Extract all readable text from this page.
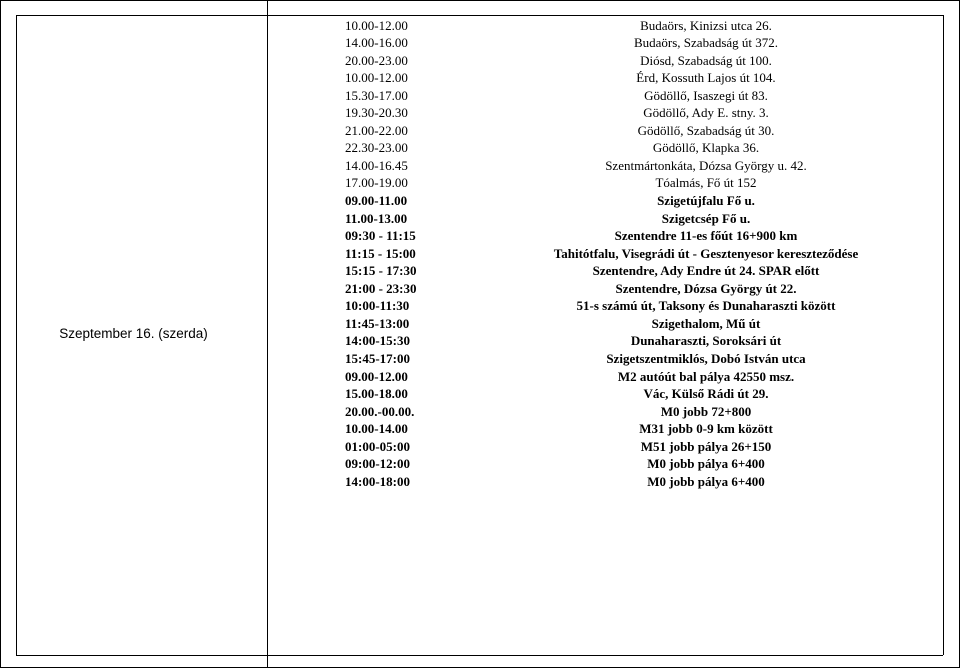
Szeptember 16. (szerda)
10.00-12.00	Budaörs, Kinizsi utca 26.
14.00-16.00	Budaörs, Szabadság út 372.
20.00-23.00	Diósd, Szabadság út 100.
10.00-12.00	Érd, Kossuth Lajos út 104.
15.30-17.00	Gödöllő, Isaszegi út 83.
19.30-20.30	Gödöllő, Ady E. stny. 3.
21.00-22.00	Gödöllő, Szabadság út 30.
22.30-23.00	Gödöllő, Klapka 36.
14.00-16.45	Szentmártonkáta, Dózsa György u. 42.
17.00-19.00	Tóalmás, Fő út 152
09.00-11.00	Szigetújfalu Fő u.
11.00-13.00	Szigetcsép Fő u.
09:30 - 11:15	Szentendre 11-es főút 16+900 km
11:15 - 15:00	Tahitótfalu, Visegrádi út - Gesztenyesor kereszteződése
15:15 - 17:30	Szentendre, Ady Endre út 24. SPAR előtt
21:00 - 23:30	Szentendre, Dózsa György út 22.
10:00-11:30	51-s számú út, Taksony és Dunaharaszti között
11:45-13:00	Szigethalom, Mű út
14:00-15:30	Dunaharaszti, Soroksári út
15:45-17:00	Szigetszentmiklós, Dobó István utca
09.00-12.00	M2 autóút bal pálya 42550 msz.
15.00-18.00	Vác, Külső Rádi út 29.
20.00.-00.00.	M0 jobb 72+800
10.00-14.00	M31 jobb 0-9 km között
01:00-05:00	M51 jobb pálya 26+150
09:00-12:00	M0 jobb pálya 6+400
14:00-18:00	M0 jobb pálya 6+400
